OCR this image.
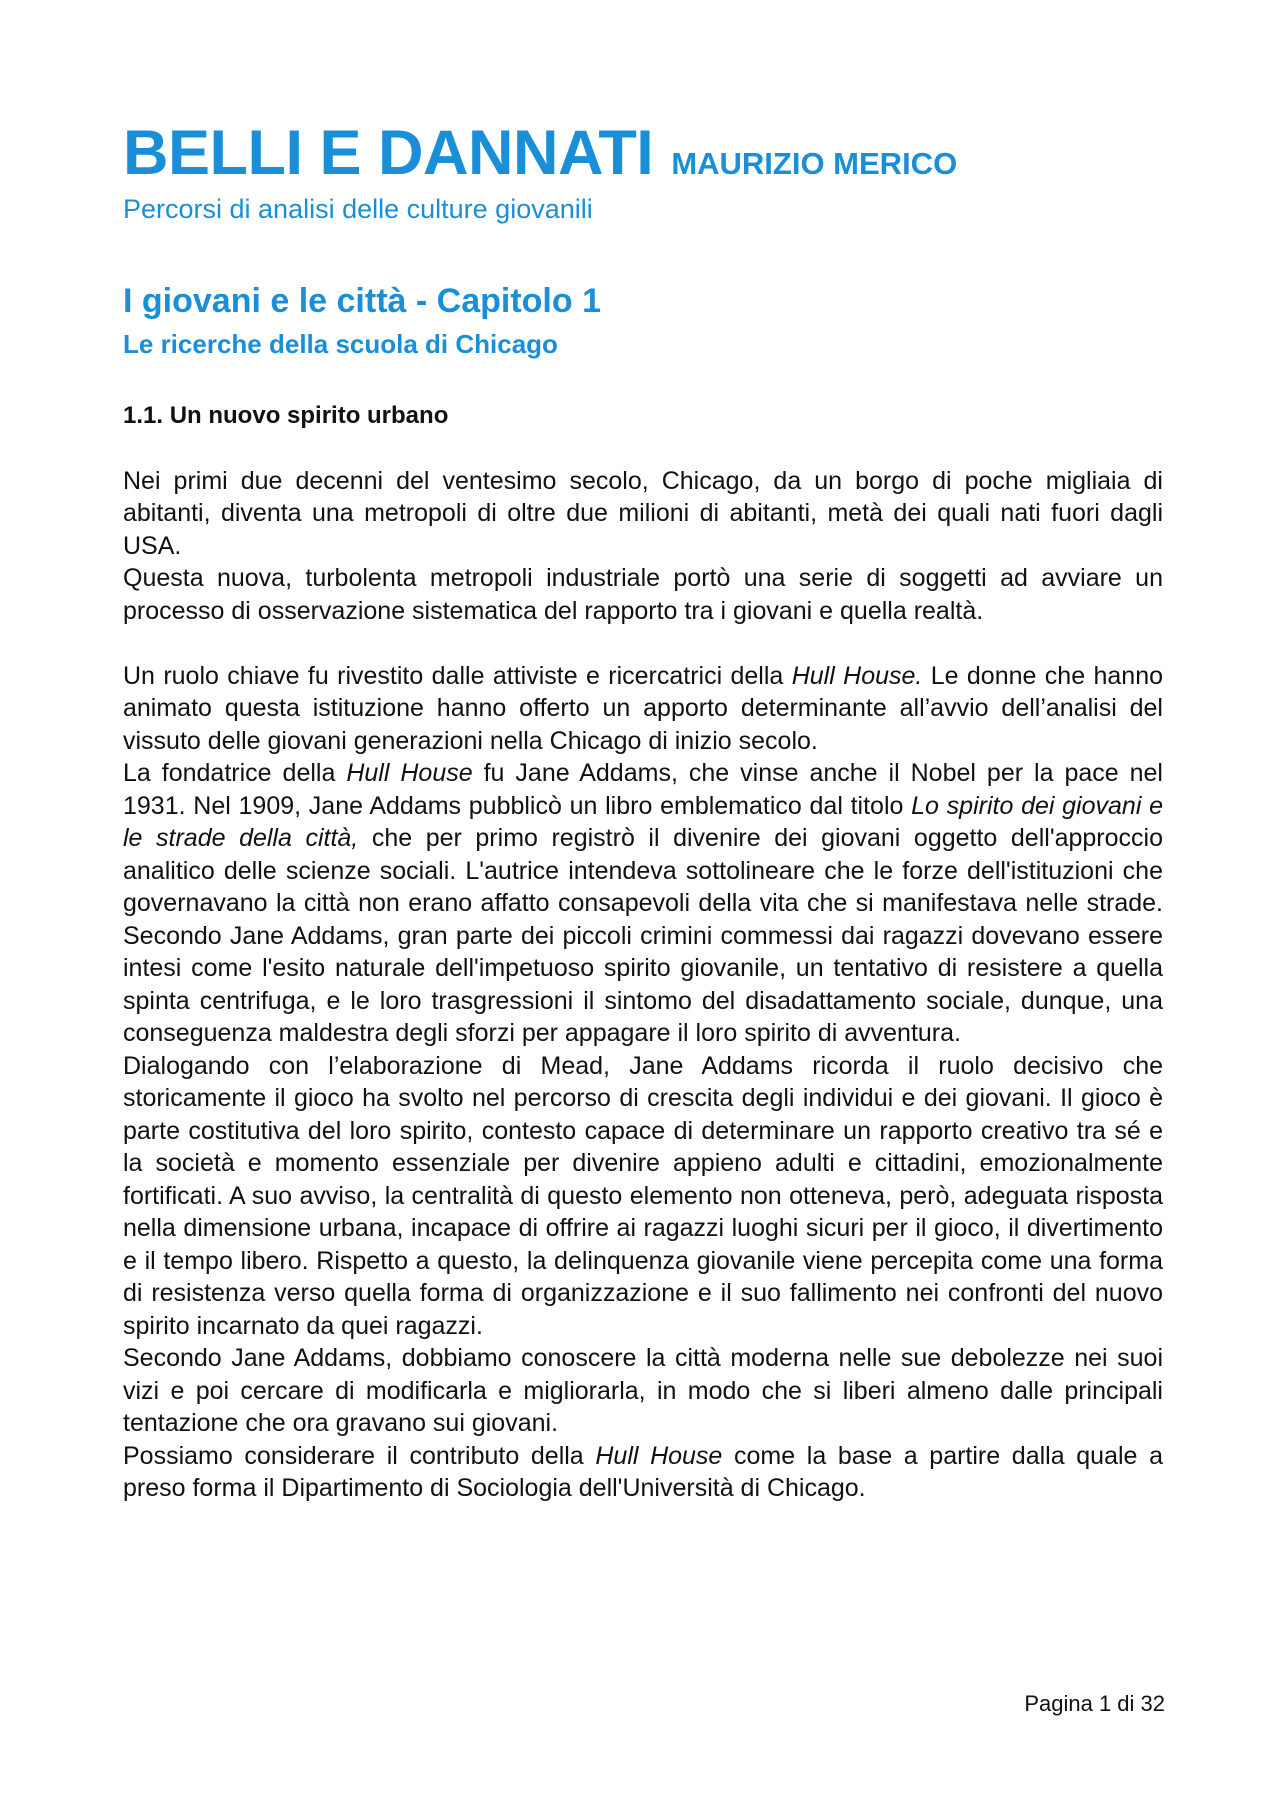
BELLI E DANNATI MAURIZIO MERICO
Percorsi di analisi delle culture giovanili
I giovani e le città - Capitolo 1
Le ricerche della scuola di Chicago
1.1. Un nuovo spirito urbano

Nei primi due decenni del ventesimo secolo, Chicago, da un borgo di poche migliaia di abitanti, diventa una metropoli di oltre due milioni di abitanti, metà dei quali nati fuori dagli USA.

Questa nuova, turbolenta metropoli industriale portò una serie di soggetti ad avviare un processo di osservazione sistematica del rapporto tra i giovani e quella realtà.

Un ruolo chiave fu rivestito dalle attiviste e ricercatrici della Hull House. Le donne che hanno animato questa istituzione hanno offerto un apporto determinante all’avvio dell’analisi del vissuto delle giovani generazioni nella Chicago di inizio secolo.

La fondatrice della Hull House fu Jane Addams, che vinse anche il Nobel per la pace nel 1931. Nel 1909, Jane Addams pubblicò un libro emblematico dal titolo Lo spirito dei giovani e le strade della città, che per primo registrò il divenire dei giovani oggetto dell'approccio analitico delle scienze sociali. L'autrice intendeva sottolineare che le forze dell'istituzioni che governavano la città non erano affatto consapevoli della vita che si manifestava nelle strade. Secondo Jane Addams, gran parte dei piccoli crimini commessi dai ragazzi dovevano essere intesi come l'esito naturale dell'impetuoso spirito giovanile, un tentativo di resistere a quella spinta centrifuga, e le loro trasgressioni il sintomo del disadattamento sociale, dunque, una conseguenza maldestra degli sforzi per appagare il loro spirito di avventura.

Dialogando con l’elaborazione di Mead, Jane Addams ricorda il ruolo decisivo che storicamente il gioco ha svolto nel percorso di crescita degli individui e dei giovani. Il gioco è parte costitutiva del loro spirito, contesto capace di determinare un rapporto creativo tra sé e la società e momento essenziale per divenire appieno adulti e cittadini, emozionalmente fortificati. A suo avviso, la centralità di questo elemento non otteneva, però, adeguata risposta nella dimensione urbana, incapace di offrire ai ragazzi luoghi sicuri per il gioco, il divertimento e il tempo libero. Rispetto a questo, la delinquenza giovanile viene percepita come una forma di resistenza verso quella forma di organizzazione e il suo fallimento nei confronti del nuovo spirito incarnato da quei ragazzi.

Secondo Jane Addams, dobbiamo conoscere la città moderna nelle sue debolezze nei suoi vizi e poi cercare di modificarla e migliorarla, in modo che si liberi almeno dalle principali tentazione che ora gravano sui giovani.

Possiamo considerare il contributo della Hull House come la base a partire dalla quale a preso forma il Dipartimento di Sociologia dell'Università di Chicago.

Pagina 1 di 32
